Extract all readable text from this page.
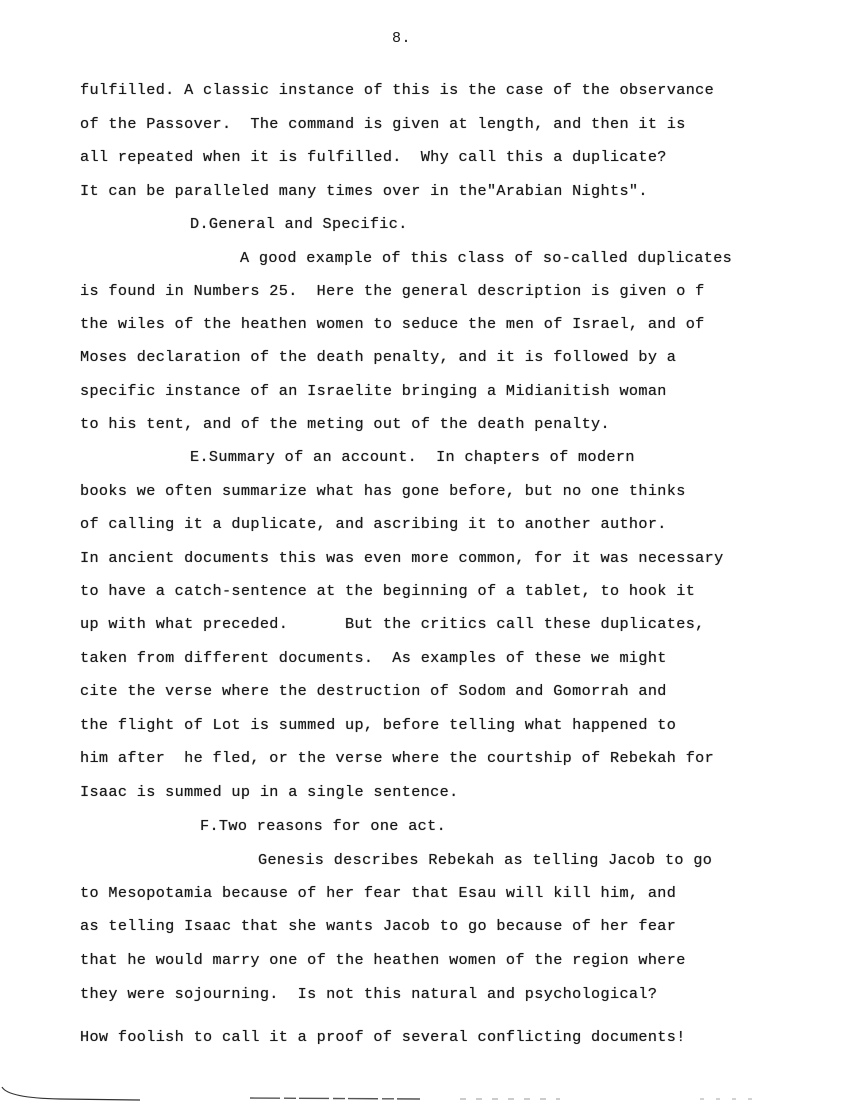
8.
fulfilled. A classic instance of this is the case of the observance
of the Passover.  The command is given at length, and then it is
all repeated when it is fulfilled.  Why call this a duplicate?
It can be paralleled many times over in the"Arabian Nights".
D.General and Specific.
A good example of this class of so-called duplicates
is found in Numbers 25.  Here the general description is given o f
the wiles of the heathen women to seduce the men of Israel, and of
Moses declaration of the death penalty, and it is followed by a
specific instance of an Israelite bringing a Midianitish woman
to his tent, and of the meting out of the death penalty.
E.Summary of an account.  In chapters of modern
books we often summarize what has gone before, but no one thinks
of calling it a duplicate, and ascribing it to another author.
In ancient documents this was even more common, for it was necessary
to have a catch-sentence at the beginning of a tablet, to hook it
up with what preceded.      But the critics call these duplicates,
taken from different documents.  As examples of these we might
cite the verse where the destruction of Sodom and Gomorrah and
the flight of Lot is summed up, before telling what happened to
him after  he fled, or the verse where the courtship of Rebekah for
Isaac is summed up in a single sentence.
F.Two reasons for one act.
Genesis describes Rebekah as telling Jacob to go
to Mesopotamia because of her fear that Esau will kill him, and
as telling Isaac that she wants Jacob to go because of her fear
that he would marry one of the heathen women of the region where
they were sojourning.  Is not this natural and psychological?
How foolish to call it a proof of several conflicting documents!
